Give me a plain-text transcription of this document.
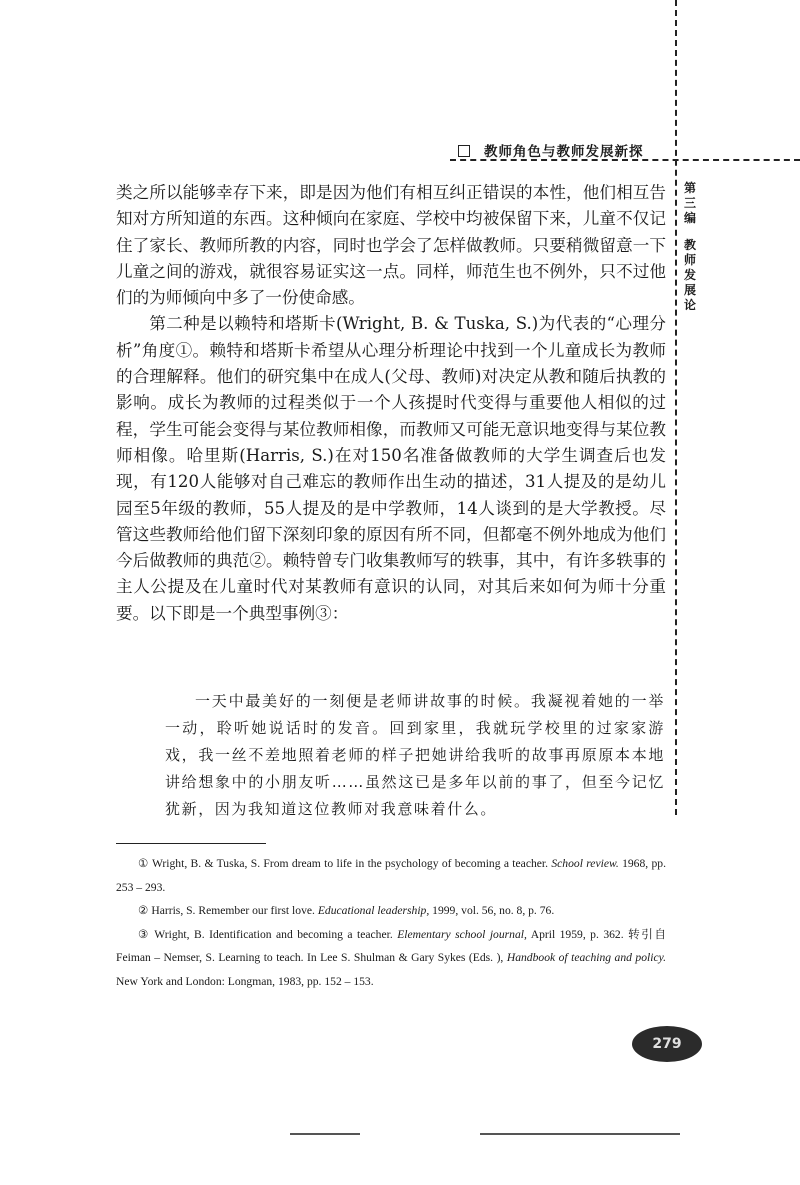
教师角色与教师发展新探
第三编
教师发展论

类之所以能够幸存下来，即是因为他们有相互纠正错误的本性，他们相互告知对方所知道的东西。这种倾向在家庭、学校中均被保留下来，儿童不仅记住了家长、教师所教的内容，同时也学会了怎样做教师。只要稍微留意一下儿童之间的游戏，就很容易证实这一点。同样，师范生也不例外，只不过他们的为师倾向中多了一份使命感。

第二种是以赖特和塔斯卡(Wright, B. & Tuska, S.)为代表的“心理分析”角度①。赖特和塔斯卡希望从心理分析理论中找到一个儿童成长为教师的合理解释。他们的研究集中在成人(父母、教师)对决定从教和随后执教的影响。成长为教师的过程类似于一个人孩提时代变得与重要他人相似的过程，学生可能会变得与某位教师相像，而教师又可能无意识地变得与某位教师相像。哈里斯(Harris, S.)在对150名准备做教师的大学生调查后也发现，有120人能够对自己难忘的教师作出生动的描述，31人提及的是幼儿园至5年级的教师，55人提及的是中学教师，14人谈到的是大学教授。尽管这些教师给他们留下深刻印象的原因有所不同，但都毫不例外地成为他们今后做教师的典范②。赖特曾专门收集教师写的轶事，其中，有许多轶事的主人公提及在儿童时代对某教师有意识的认同，对其后来如何为师十分重要。以下即是一个典型事例③：

一天中最美好的一刻便是老师讲故事的时候。我凝视着她的一举一动，聆听她说话时的发音。回到家里，我就玩学校里的过家家游戏，我一丝不差地照着老师的样子把她讲给我听的故事再原原本本地讲给想象中的小朋友听……虽然这已是多年以前的事了，但至今记忆犹新，因为我知道这位教师对我意味着什么。

① Wright, B. & Tuska, S. From dream to life in the psychology of becoming a teacher. School review. 1968, pp. 253 – 293.

② Harris, S. Remember our first love. Educational leadership, 1999, vol. 56, no. 8, p. 76.

③ Wright, B. Identification and becoming a teacher. Elementary school journal, April 1959, p. 362. 转引自 Feiman – Nemser, S. Learning to teach. In Lee S. Shulman & Gary Sykes (Eds. ), Handbook of teaching and policy. New York and London: Longman, 1983, pp. 152 – 153.

279
